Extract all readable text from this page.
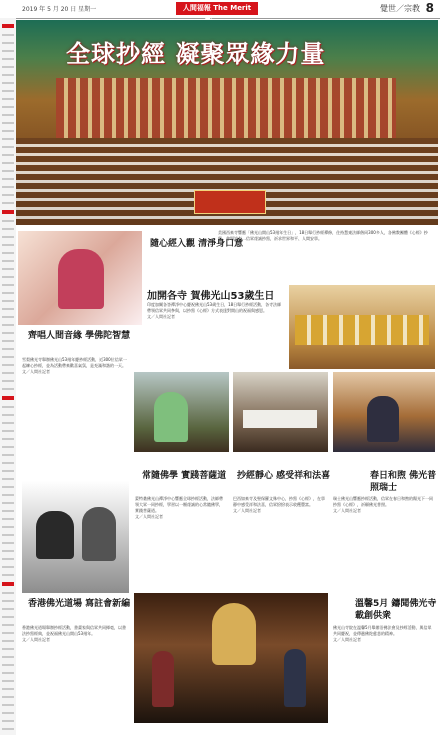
2019 年 5 月 20 日 星期一	人間福報 The Merit	覺世／宗教 8
全球抄經 凝聚眾緣力量
隨心經入觀 清淨身口意
美國西來寺響應「佛光山開山53週年生日」，18日舉行抄經禪修，住持慧東法師偕同300多人，各佛教團體《心經》抄寫。會場設有…信眾虔誠抄寫，祈求世界和平、人間安寧。
加開各寺 賀佛光山53歲生日
印度加爾各答禪淨中心慶祝佛光山53歲生日，18日舉行抄經活動，各寺法師帶領信眾共同參與，以抄寫《心經》方式表達對開山的祝福與感恩。
文／人間社記者
齊唱人間音緣 學佛陀智慧
雪梨佛光寺舉辦佛光山53週年慶抄經活動，近300位信眾一起練心抄經，並為活動帶來歡喜氣氛，是充滿和諧的一天。
文／人間社記者
常隨佛學 實踐菩薩道
蒙特婁佛光山禪淨中心響應全球抄經活動，法師帶領大眾一同抄經，學習以一顆虔誠的心常隨佛學，實踐菩薩道。
文／人間社記者
抄經靜心 感受祥和法喜
巴西如來寺及聖保羅文殊中心，抄寫《心經》，在寧靜中感受祥和法喜，信眾紛紛表示收穫豐富。
文／人間社記者
春日和煦 佛光普照瑞士
瑞士佛光山響應抄經活動，信眾在春日和煦的陽光下一同抄寫《心經》，祈願佛光普照。
文／人間社記者
香港佛光道場 寫註會新編
香港佛光道場舉辦抄經活動，書畫家與信眾共同揮毫，以書法抄寫經典，並祝福佛光山開山53週年。
文／人間社記者
溫馨5月 鑄聞佛光寺載創供衆
佛光山寺院在溫馨5月舉辦浴佛法會及抄經活動，與信眾共同慶祝，並傳遞佛陀慈悲的精神。
文／人間社記者
